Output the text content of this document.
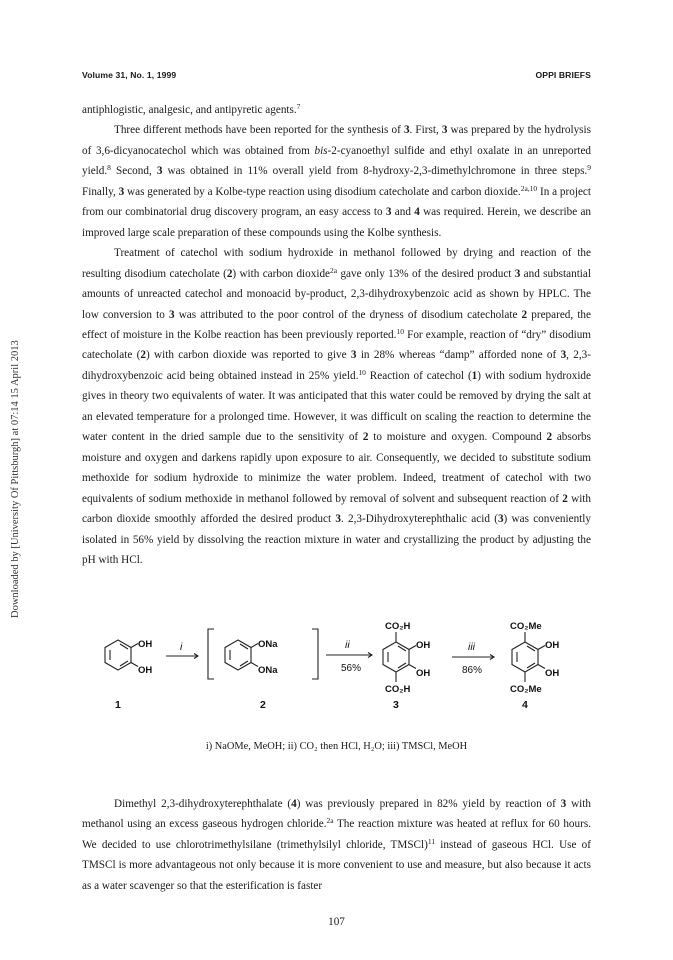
Volume 31, No. 1, 1999	OPPI BRIEFS
Downloaded by [University Of Pittsburgh] at 07:14 15 April 2013

antiphlogistic, analgesic, and antipyretic agents.$^7$

Three different methods have been reported for the synthesis of 3. First, 3 was prepared by the hydrolysis of 3,6-dicyanocatechol which was obtained from bis-2-cyanoethyl sulfide and ethyl oxalate in an unreported yield.$^8$ Second, 3 was obtained in 11% overall yield from 8-hydroxy-2,3-dimethylchromone in three steps.$^9$ Finally, 3 was generated by a Kolbe-type reaction using disodium catecholate and carbon dioxide.$^{2a,10}$ In a project from our combinatorial drug discovery program, an easy access to 3 and 4 was required. Herein, we describe an improved large scale preparation of these compounds using the Kolbe synthesis.

Treatment of catechol with sodium hydroxide in methanol followed by drying and reaction of the resulting disodium catecholate (2) with carbon dioxide$^{2a}$ gave only 13% of the desired product 3 and substantial amounts of unreacted catechol and monoacid by-product, 2,3-dihydroxybenzoic acid as shown by HPLC. The low conversion to 3 was attributed to the poor control of the dryness of disodium catecholate 2 prepared, the effect of moisture in the Kolbe reaction has been previously reported.$^{10}$ For example, reaction of “dry” disodium catecholate (2) with carbon dioxide was reported to give 3 in 28% whereas “damp” afforded none of 3, 2,3-dihydroxybenzoic acid being obtained instead in 25% yield.$^{10}$ Reaction of catechol (1) with sodium hydroxide gives in theory two equivalents of water. It was anticipated that this water could be removed by drying the salt at an elevated temperature for a prolonged time. However, it was difficult on scaling the reaction to determine the water content in the dried sample due to the sensitivity of 2 to moisture and oxygen. Compound 2 absorbs moisture and oxygen and darkens rapidly upon exposure to air. Consequently, we decided to substitute sodium methoxide for sodium hydroxide to minimize the water problem. Indeed, treatment of catechol with two equivalents of sodium methoxide in methanol followed by removal of solvent and subsequent reaction of 2 with carbon dioxide smoothly afforded the desired product 3. 2,3-Dihydroxyterephthalic acid (3) was conveniently isolated in 56% yield by dissolving the reaction mixture in water and crystallizing the product by adjusting the pH with HCl.

OH
OH
ONa
ONa
CO₂H
CO₂H
OH
OH
CO₂Me
CO₂Me
OH
OH
i	ii	iii
56%	86%
1	2	3	4
i) NaOMe, MeOH; ii) CO₂ then HCl, H₂O; iii) TMSCl, MeOH

Dimethyl 2,3-dihydroxyterephthalate (4) was previously prepared in 82% yield by reaction of 3 with methanol using an excess gaseous hydrogen chloride.$^{2a}$ The reaction mixture was heated at reflux for 60 hours. We decided to use chlorotrimethylsilane (trimethylsilyl chloride, TMSCl)$^{11}$ instead of gaseous HCl. Use of TMSCl is more advantageous not only because it is more convenient to use and measure, but also because it acts as a water scavenger so that the esterification is faster

107
